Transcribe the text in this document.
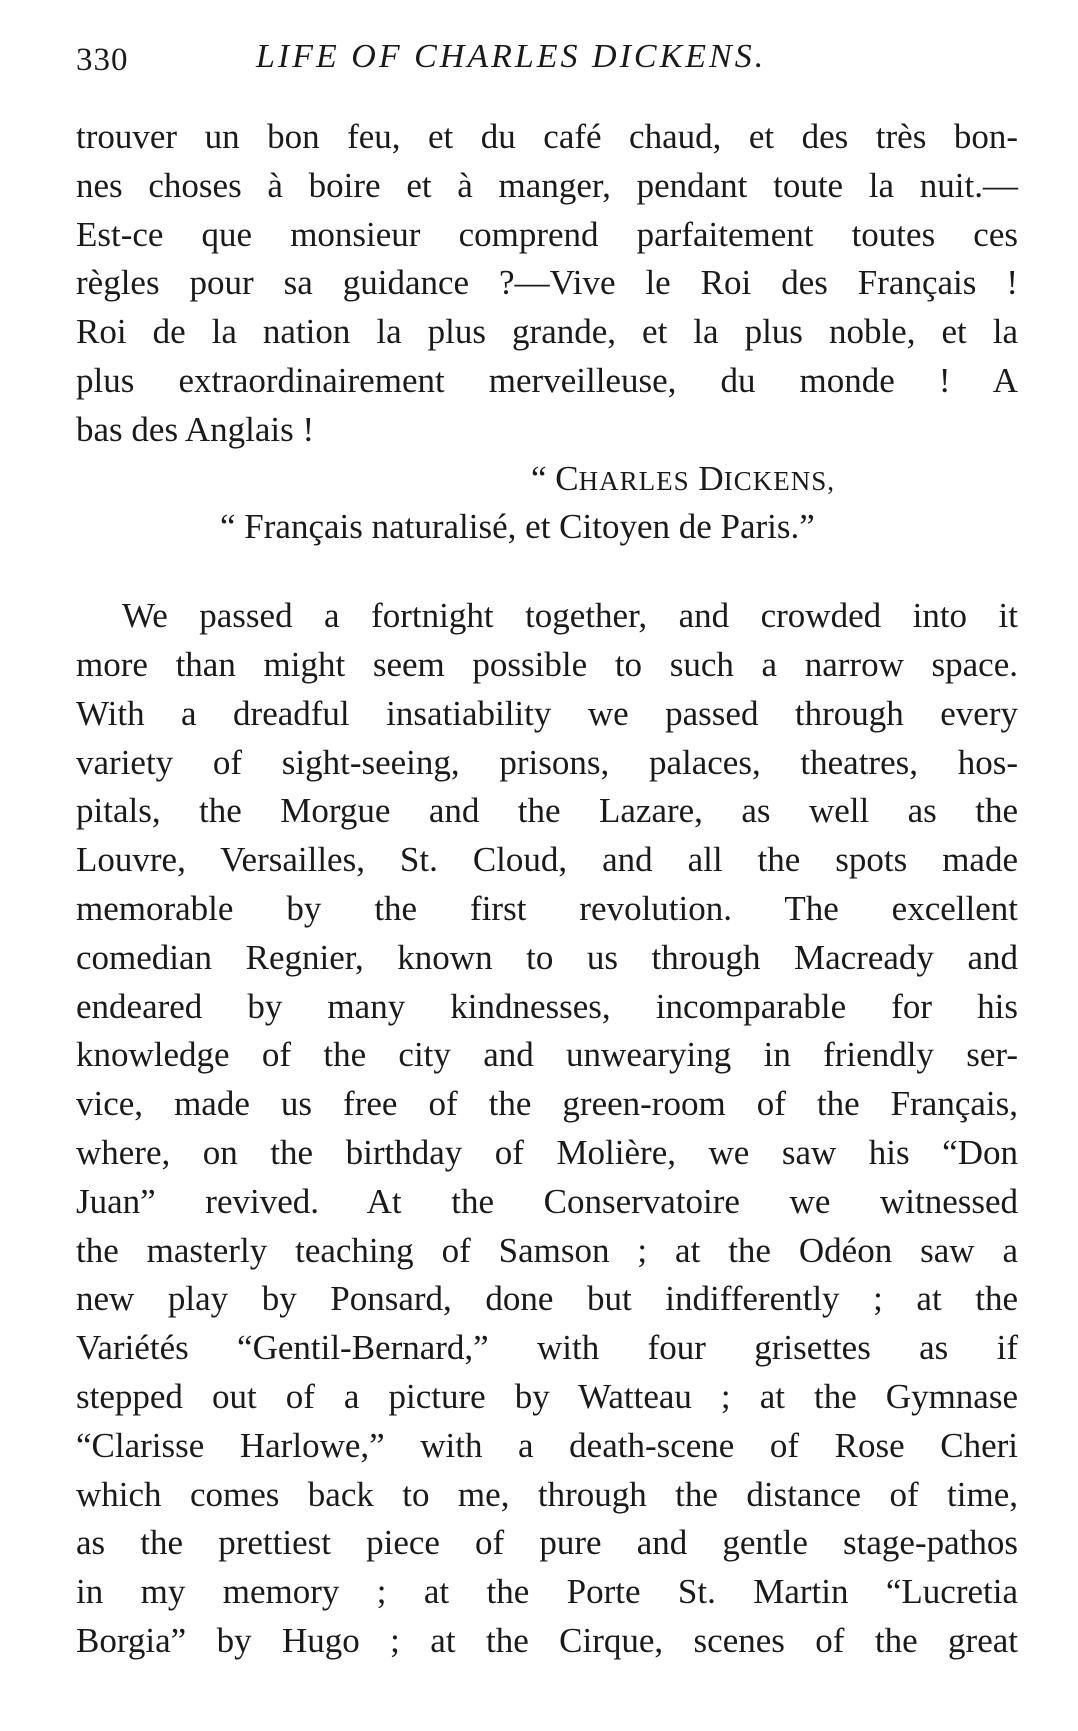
330	LIFE OF CHARLES DICKENS.
trouver un bon feu, et du café chaud, et des très bon-
nes choses à boire et à manger, pendant toute la nuit.—
Est-ce que monsieur comprend parfaitement toutes ces
règles pour sa guidance ?—Vive le Roi des Français !
Roi de la nation la plus grande, et la plus noble, et la
plus extraordinairement merveilleuse, du monde ! A
bas des Anglais !
“ CHARLES DICKENS,
“ Français naturalisé, et Citoyen de Paris.”
We passed a fortnight together, and crowded into it
more than might seem possible to such a narrow space.
With a dreadful insatiability we passed through every
variety of sight-seeing, prisons, palaces, theatres, hos-
pitals, the Morgue and the Lazare, as well as the
Louvre, Versailles, St. Cloud, and all the spots made
memorable by the first revolution. The excellent
comedian Regnier, known to us through Macready and
endeared by many kindnesses, incomparable for his
knowledge of the city and unwearying in friendly ser-
vice, made us free of the green-room of the Français,
where, on the birthday of Molière, we saw his “Don
Juan” revived. At the Conservatoire we witnessed
the masterly teaching of Samson ; at the Odéon saw a
new play by Ponsard, done but indifferently ; at the
Variétés “Gentil-Bernard,” with four grisettes as if
stepped out of a picture by Watteau ; at the Gymnase
“Clarisse Harlowe,” with a death-scene of Rose Cheri
which comes back to me, through the distance of time,
as the prettiest piece of pure and gentle stage-pathos
in my memory ; at the Porte St. Martin “Lucretia
Borgia” by Hugo ; at the Cirque, scenes of the great
